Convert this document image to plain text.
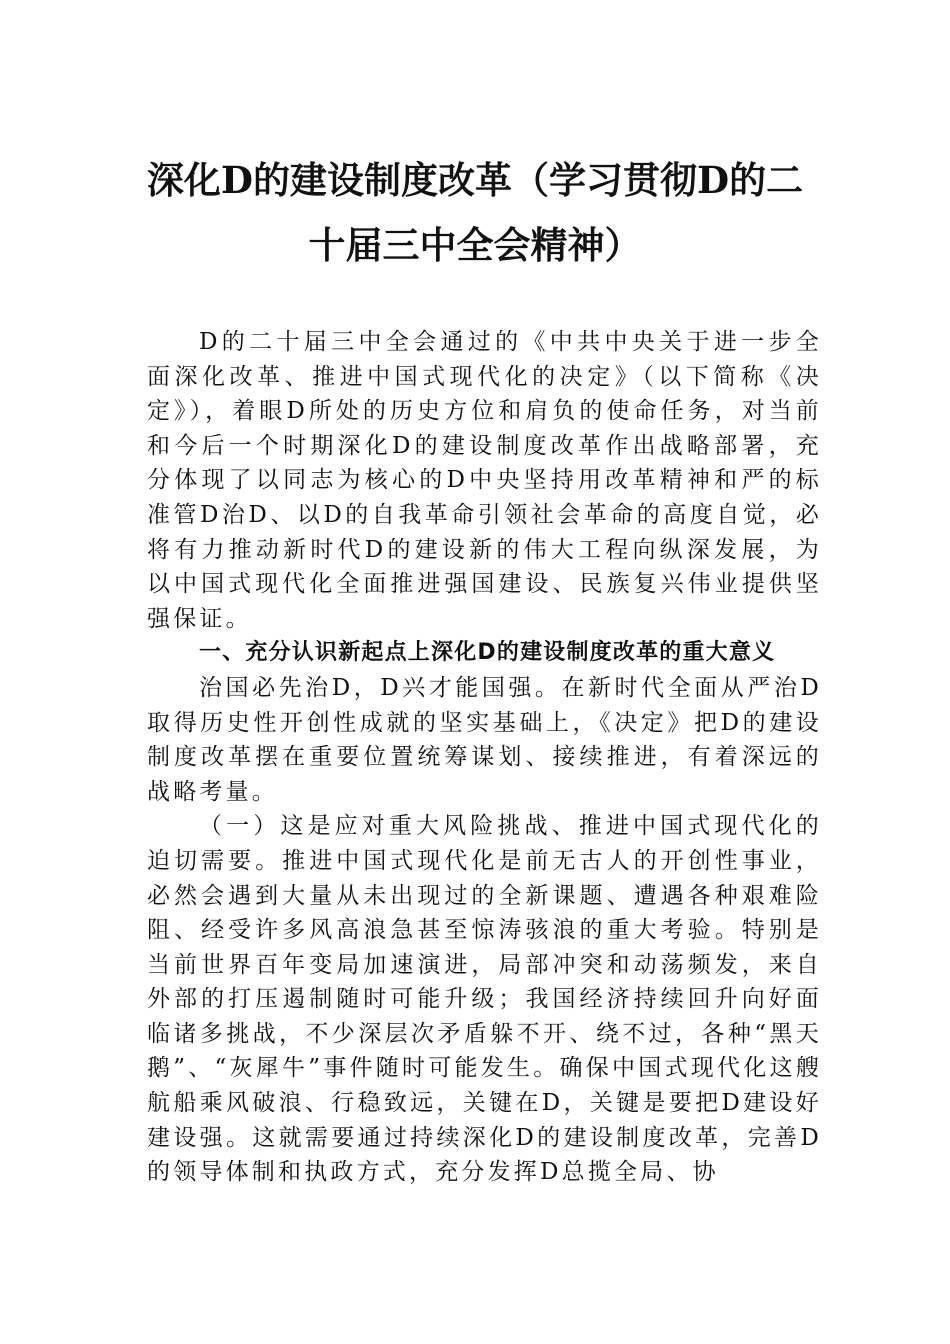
深化D的建设制度改革（学习贯彻D的二
十届三中全会精神）

D的二十届三中全会通过的《中共中央关于进一步全面深化改革、推进中国式现代化的决定》（以下简称《决定》），着眼D所处的历史方位和肩负的使命任务，对当前和今后一个时期深化D的建设制度改革作出战略部署，充分体现了以同志为核心的D中央坚持用改革精神和严的标准管D治D、以D的自我革命引领社会革命的高度自觉，必将有力推动新时代D的建设新的伟大工程向纵深发展，为以中国式现代化全面推进强国建设、民族复兴伟业提供坚强保证。

一、充分认识新起点上深化D的建设制度改革的重大意义

治国必先治D，D兴才能国强。在新时代全面从严治D取得历史性开创性成就的坚实基础上，《决定》把D的建设制度改革摆在重要位置统筹谋划、接续推进，有着深远的战略考量。

（一）这是应对重大风险挑战、推进中国式现代化的迫切需要。推进中国式现代化是前无古人的开创性事业，必然会遇到大量从未出现过的全新课题、遭遇各种艰难险阻、经受许多风高浪急甚至惊涛骇浪的重大考验。特别是当前世界百年变局加速演进，局部冲突和动荡频发，来自外部的打压遏制随时可能升级；我国经济持续回升向好面临诸多挑战，不少深层次矛盾躲不开、绕不过，各种“黑天鹅”、“灰犀牛”事件随时可能发生。确保中国式现代化这艘航船乘风破浪、行稳致远，关键在D，关键是要把D建设好建设强。这就需要通过持续深化D的建设制度改革，完善D的领导体制和执政方式，充分发挥D总揽全局、协
